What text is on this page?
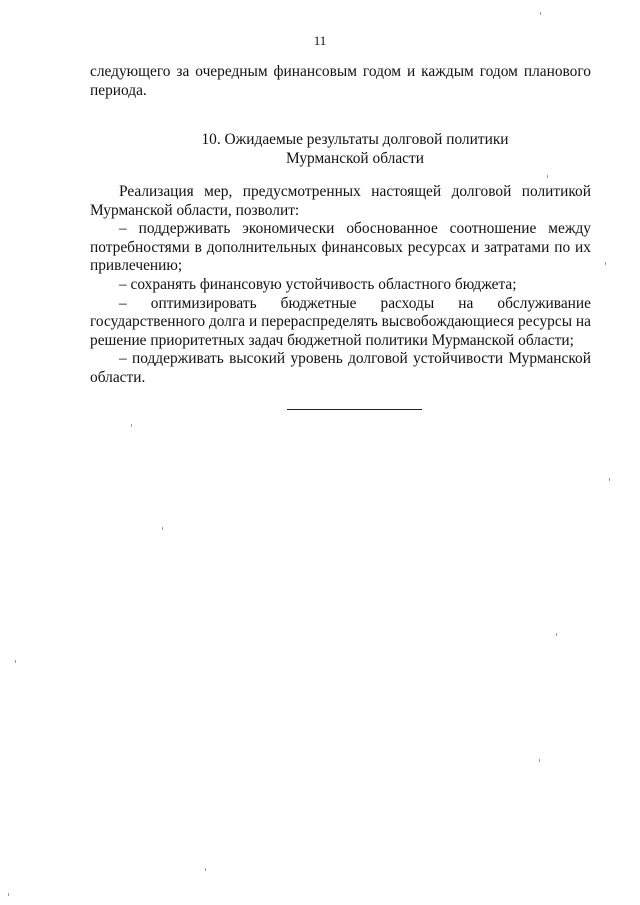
11
следующего за очередным финансовым годом и каждым годом планового
периода.
10. Ожидаемые результаты долговой политики
Мурманской области

Реализация мер, предусмотренных настоящей долговой политикой
Мурманской области, позволит:

– поддерживать экономически обоснованное соотношение между
потребностями в дополнительных финансовых ресурсах и затратами по их
привлечению;

– сохранять финансовую устойчивость областного бюджета;

– оптимизировать бюджетные расходы на обслуживание
государственного долга и перераспределять высвобождающиеся ресурсы на
решение приоритетных задач бюджетной политики Мурманской области;

– поддерживать высокий уровень долговой устойчивости Мурманской
области.
